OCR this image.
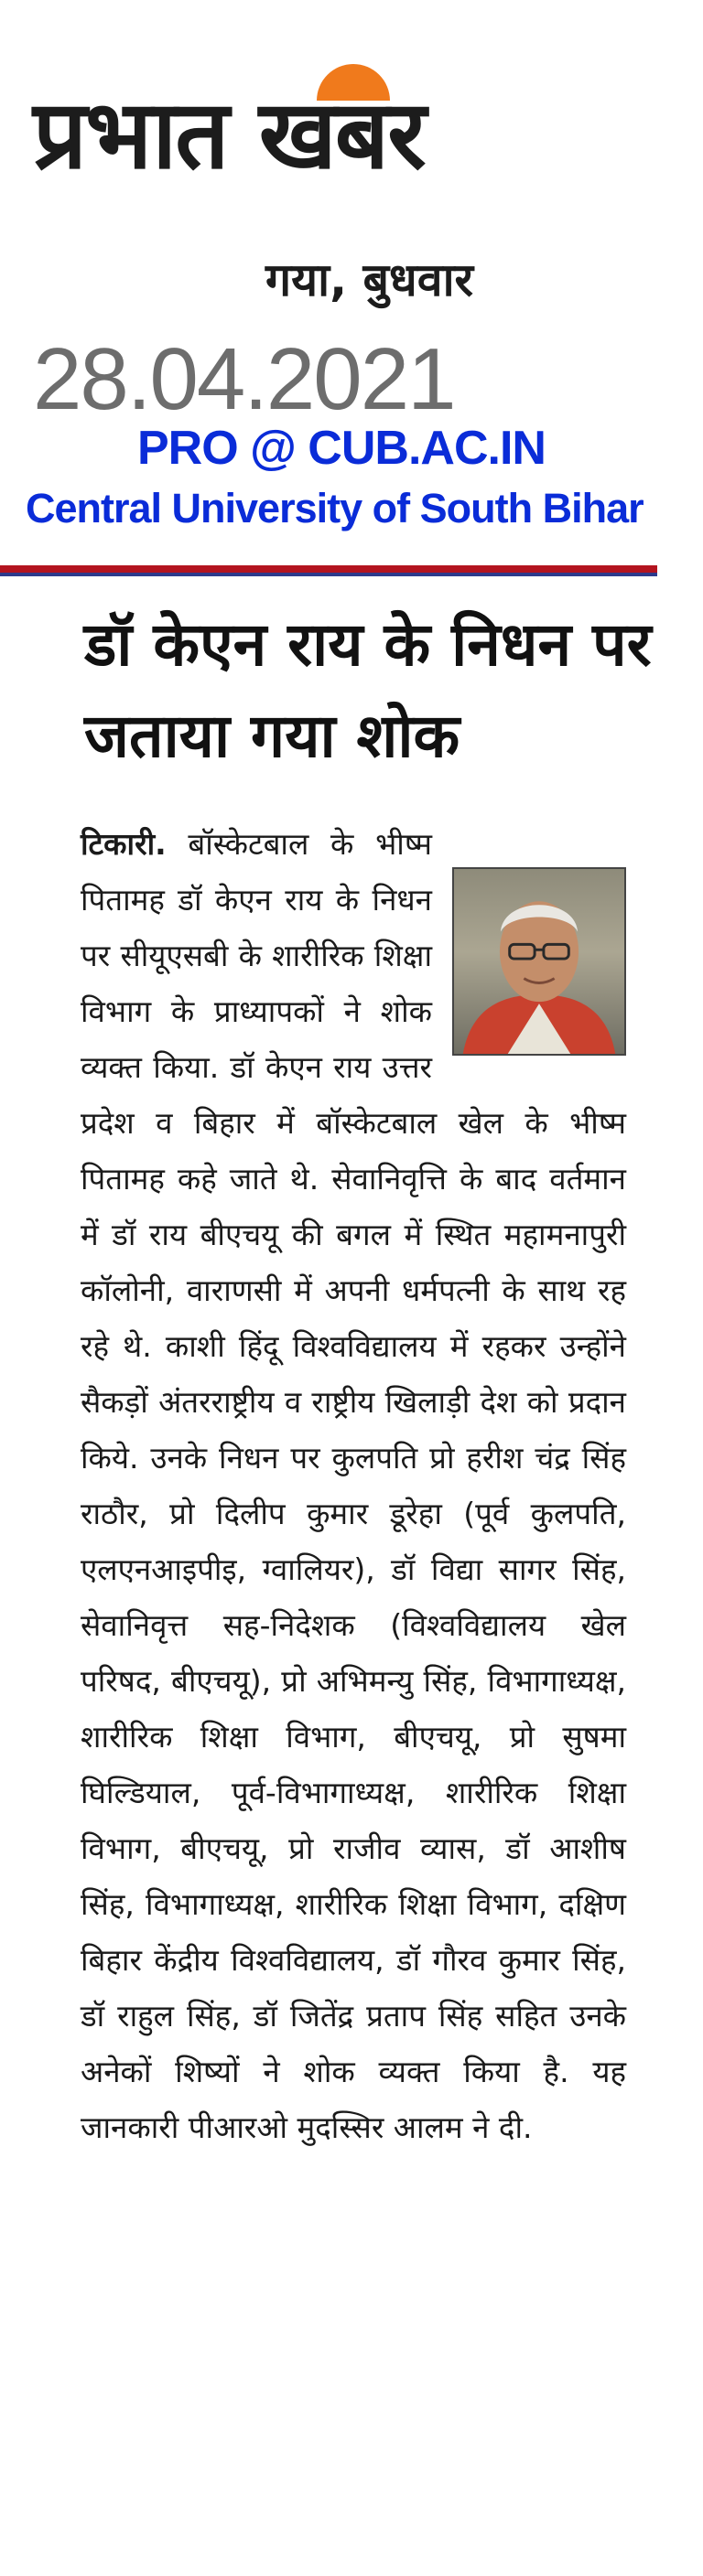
प्रभात खबर
गया, बुधवार
28.04.2021
PRO @ CUB.AC.IN
Central University of South Bihar
डॉ केएन राय के निधन पर जताया गया शोक
टिकारी. बॉस्केटबाल के भीष्म पितामह डॉ केएन राय के निधन पर सीयूएसबी के शारीरिक शिक्षा विभाग के प्राध्यापकों ने शोक व्यक्त किया. डॉ केएन राय उत्तर प्रदेश व बिहार में बॉस्केटबाल खेल के भीष्म पितामह कहे जाते थे. सेवानिवृत्ति के बाद वर्तमान में डॉ राय बीएचयू की बगल में स्थित महामनापुरी कॉलोनी, वाराणसी में अपनी धर्मपत्नी के साथ रह रहे थे. काशी हिंदू विश्वविद्यालय में रहकर उन्होंने सैकड़ों अंतरराष्ट्रीय व राष्ट्रीय खिलाड़ी देश को प्रदान किये. उनके निधन पर कुलपति प्रो हरीश चंद्र सिंह राठौर, प्रो दिलीप कुमार डूरेहा (पूर्व कुलपति, एलएनआइपीइ, ग्वालियर), डॉ विद्या सागर सिंह, सेवानिवृत्त सह-निदेशक (विश्वविद्यालय खेल परिषद, बीएचयू), प्रो अभिमन्यु सिंह, विभागाध्यक्ष, शारीरिक शिक्षा विभाग, बीएचयू, प्रो सुषमा घिल्डियाल, पूर्व-विभागाध्यक्ष, शारीरिक शिक्षा विभाग, बीएचयू, प्रो राजीव व्यास, डॉ आशीष सिंह, विभागाध्यक्ष, शारीरिक शिक्षा विभाग, दक्षिण बिहार केंद्रीय विश्वविद्यालय, डॉ गौरव कुमार सिंह, डॉ राहुल सिंह, डॉ जितेंद्र प्रताप सिंह सहित उनके अनेकों शिष्यों ने शोक व्यक्त किया है. यह जानकारी पीआरओ मुदस्सिर आलम ने दी.
